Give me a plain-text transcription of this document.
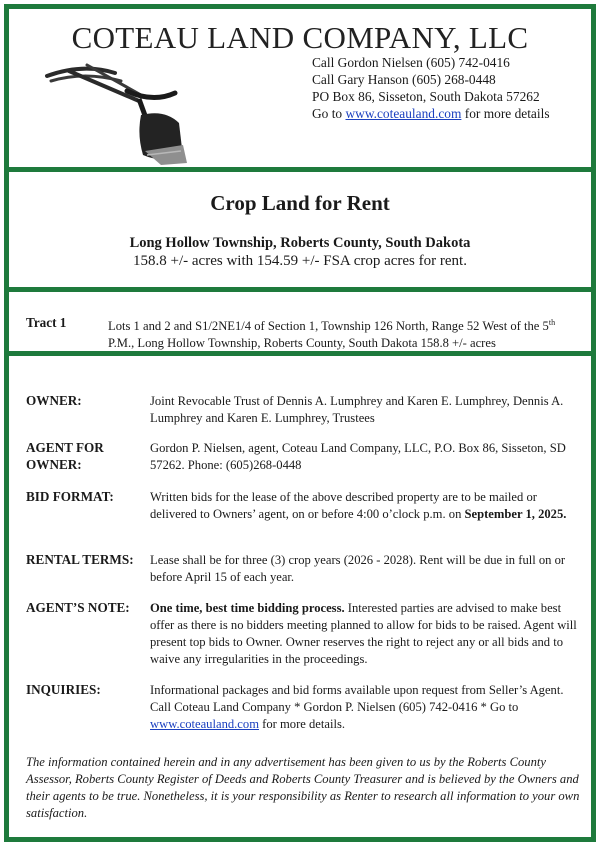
COTEAU LAND COMPANY, LLC
Call Gordon Nielsen (605) 742-0416
Call Gary Hanson (605) 268-0448
PO Box 86, Sisseton, South Dakota 57262
Go to www.coteauland.com for more details
Crop Land for Rent
Long Hollow Township, Roberts County, South Dakota
158.8 +/- acres with 154.59 +/- FSA crop acres for rent.
Tract 1	Lots 1 and 2 and S1/2NE1/4 of Section 1, Township 126 North, Range 52 West of the 5th P.M., Long Hollow Township, Roberts County, South Dakota 158.8 +/- acres
OWNER:	Joint Revocable Trust of Dennis A. Lumphrey and Karen E. Lumphrey, Dennis A. Lumphrey and Karen E. Lumphrey, Trustees
AGENT FOR
OWNER:
Gordon P. Nielsen, agent, Coteau Land Company, LLC, P.O. Box 86, Sisseton, SD 57262. Phone: (605)268-0448
BID FORMAT:	Written bids for the lease of the above described property are to be mailed or delivered to Owners’ agent, on or before 4:00 o’clock p.m. on September 1, 2025.
RENTAL TERMS: Lease shall be for three (3) crop years (2026 - 2028). Rent will be due in full on or before April 15 of each year.
AGENT’S NOTE: One time, best time bidding process. Interested parties are advised to make best offer as there is no bidders meeting planned to allow for bids to be raised. Agent will present top bids to Owner. Owner reserves the right to reject any or all bids and to waive any irregularities in the proceedings.
INQUIRIES:	Informational packages and bid forms available upon request from Seller’s Agent. Call Coteau Land Company * Gordon P. Nielsen (605) 742-0416 * Go to www.coteauland.com for more details.
The information contained herein and in any advertisement has been given to us by the Roberts County Assessor, Roberts County Register of Deeds and Roberts County Treasurer and is believed by the Owners and their agents to be true. Nonetheless, it is your responsibility as Renter to research all information to your own satisfaction.
